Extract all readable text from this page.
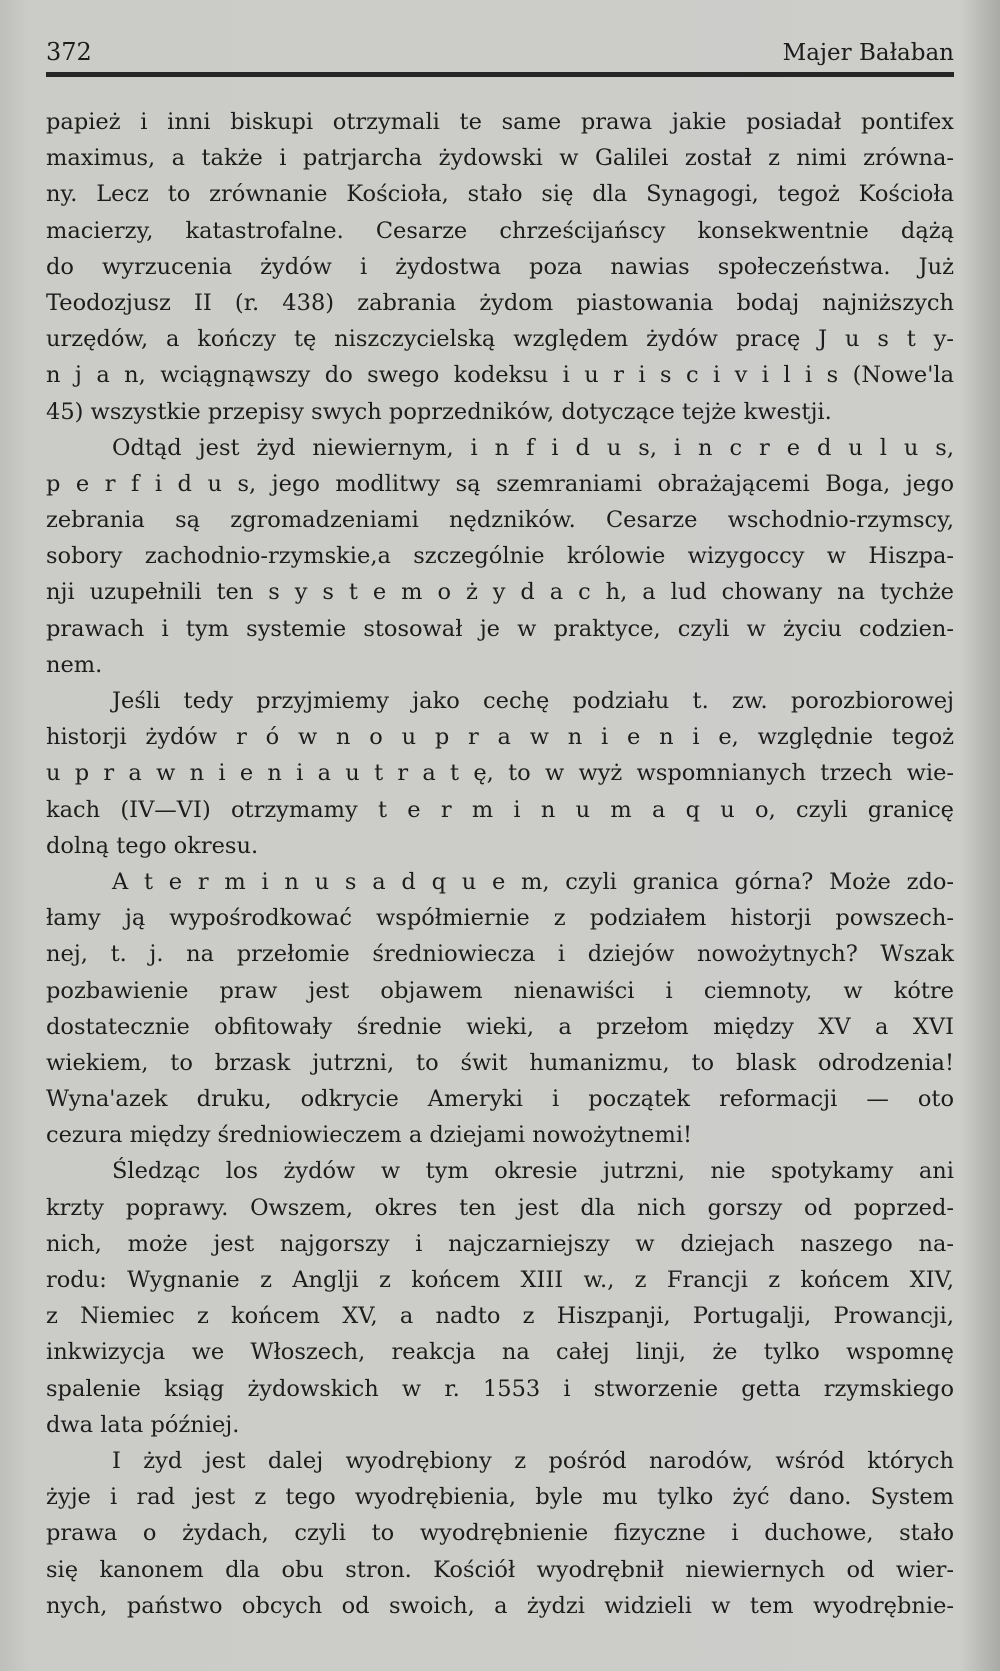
372	Majer Bałaban
papież i inni biskupi otrzymali te same prawa jakie posiadał pontifex
maximus, a także i patrjarcha żydowski w Galilei został z nimi zrówna-
ny. Lecz to zrównanie Kościoła, stało się dla Synagogi, tegoż Kościoła
macierzy, katastrofalne. Cesarze chrześcijańscy konsekwentnie dążą
do wyrzucenia żydów i żydostwa poza nawias społeczeństwa. Już
Teodozjusz II (r. 438) zabrania żydom piastowania bodaj najniższych
urzędów, a kończy tę niszczycielską względem żydów pracę J u s t y-
n j a n, wciągnąwszy do swego kodeksu i u r i s c i v i l i s (Nowe'la
45) wszystkie przepisy swych poprzedników, dotyczące tejże kwestji.
Odtąd jest żyd niewiernym, i n f i d u s, i n c r e d u l u s,
p e r f i d u s, jego modlitwy są szemraniami obrażającemi Boga, jego
zebrania są zgromadzeniami nędzników. Cesarze wschodnio-rzymscy,
sobory zachodnio-rzymskie,a szczególnie królowie wizygoccy w Hiszpa-
nji uzupełnili ten s y s t e m o ż y d a c h, a lud chowany na tychże
prawach i tym systemie stosował je w praktyce, czyli w życiu codzien-
nem.
Jeśli tedy przyjmiemy jako cechę podziału t. zw. porozbiorowej
historji żydów r ó w n o u p r a w n i e n i e, względnie tegoż
u p r a w n i e n i a u t r a t ę, to w wyż wspomnianych trzech wie-
kach (IV—VI) otrzymamy t e r m i n u m a q u o, czyli granicę
dolną tego okresu.
A t e r m i n u s a d q u e m, czyli granica górna? Może zdo-
łamy ją wypośrodkować współmiernie z podziałem historji powszech-
nej, t. j. na przełomie średniowiecza i dziejów nowożytnych? Wszak
pozbawienie praw jest objawem nienawiści i ciemnoty, w kótre
dostatecznie obfitowały średnie wieki, a przełom między XV a XVI
wiekiem, to brzask jutrzni, to świt humanizmu, to blask odrodzenia!
Wyna'azek druku, odkrycie Ameryki i początek reformacji — oto
cezura między średniowieczem a dziejami nowożytnemi!
Śledząc los żydów w tym okresie jutrzni, nie spotykamy ani
krzty poprawy. Owszem, okres ten jest dla nich gorszy od poprzed-
nich, może jest najgorszy i najczarniejszy w dziejach naszego na-
rodu: Wygnanie z Anglji z końcem XIII w., z Francji z końcem XIV,
z Niemiec z końcem XV, a nadto z Hiszpanji, Portugalji, Prowancji,
inkwizycja we Włoszech, reakcja na całej linji, że tylko wspomnę
spalenie ksiąg żydowskich w r. 1553 i stworzenie getta rzymskiego
dwa lata później.
I żyd jest dalej wyodrębiony z pośród narodów, wśród których
żyje i rad jest z tego wyodrębienia, byle mu tylko żyć dano. System
prawa o żydach, czyli to wyodrębnienie fizyczne i duchowe, stało
się kanonem dla obu stron. Kościół wyodrębnił niewiernych od wier-
nych, państwo obcych od swoich, a żydzi widzieli w tem wyodrębnie-
